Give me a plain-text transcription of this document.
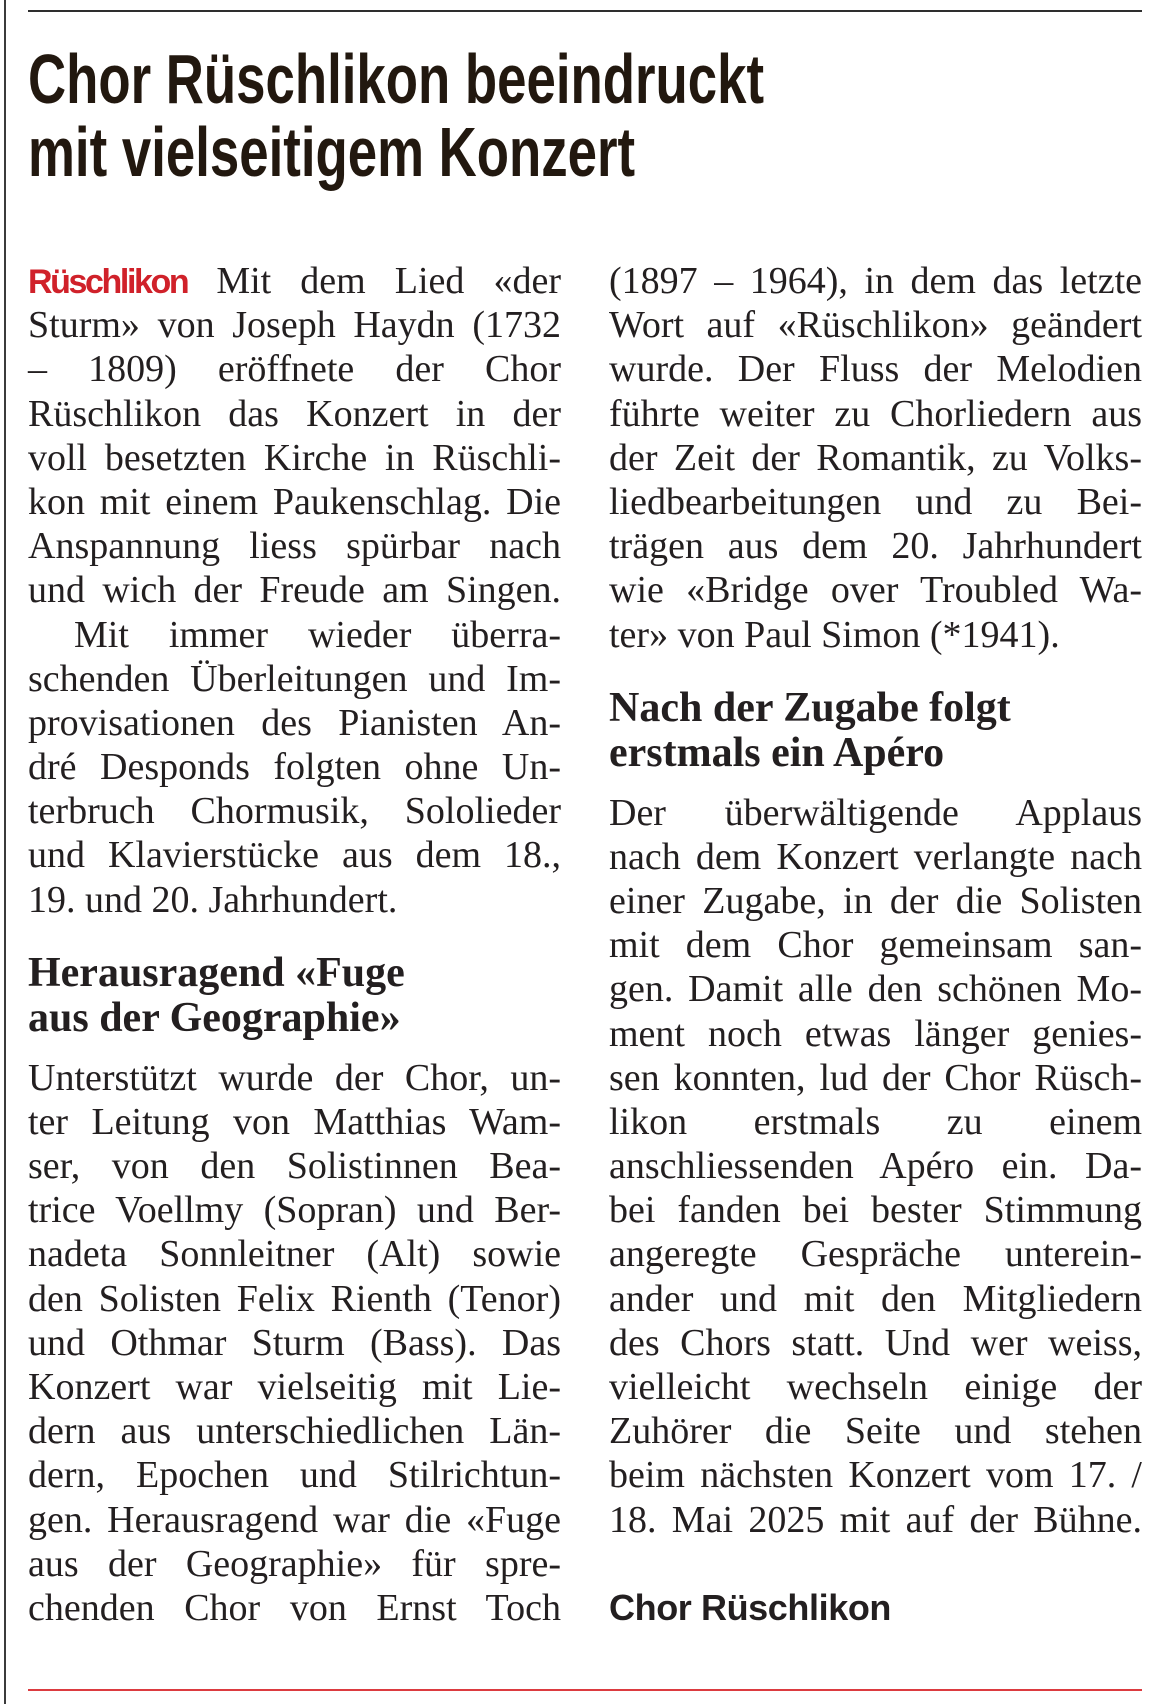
Chor Rüschlikon beeindruckt
mit vielseitigem Konzert
Rüschlikon Mit dem Lied «der
Sturm» von Joseph Haydn (1732
– 1809) eröffnete der Chor
Rüschlikon das Konzert in der
voll besetzten Kirche in Rüschli-
kon mit einem Paukenschlag. Die
Anspannung liess spürbar nach
und wich der Freude am Singen.
Mit immer wieder überra-
schenden Überleitungen und Im-
provisationen des Pianisten An-
dré Desponds folgten ohne Un-
terbruch Chormusik, Sololieder
und Klavierstücke aus dem 18.,
19. und 20. Jahrhundert.
Herausragend «Fuge
aus der Geographie»
Unterstützt wurde der Chor, un-
ter Leitung von Matthias Wam-
ser, von den Solistinnen Bea-
trice Voellmy (Sopran) und Ber-
nadeta Sonnleitner (Alt) sowie
den Solisten Felix Rienth (Tenor)
und Othmar Sturm (Bass). Das
Konzert war vielseitig mit Lie-
dern aus unterschiedlichen Län-
dern, Epochen und Stilrichtun-
gen. Herausragend war die «Fuge
aus der Geographie» für spre-
chenden Chor von Ernst Toch
(1897 – 1964), in dem das letzte
Wort auf «Rüschlikon» geändert
wurde. Der Fluss der Melodien
führte weiter zu Chorliedern aus
der Zeit der Romantik, zu Volks-
liedbearbeitungen und zu Bei-
trägen aus dem 20. Jahrhundert
wie «Bridge over Troubled Wa-
ter» von Paul Simon (*1941).
Nach der Zugabe folgt
erstmals ein Apéro
Der überwältigende Applaus
nach dem Konzert verlangte nach
einer Zugabe, in der die Solisten
mit dem Chor gemeinsam san-
gen. Damit alle den schönen Mo-
ment noch etwas länger genies-
sen konnten, lud der Chor Rüsch-
likon erstmals zu einem
anschliessenden Apéro ein. Da-
bei fanden bei bester Stimmung
angeregte Gespräche unterein-
ander und mit den Mitgliedern
des Chors statt. Und wer weiss,
vielleicht wechseln einige der
Zuhörer die Seite und stehen
beim nächsten Konzert vom 17. /
18. Mai 2025 mit auf der Bühne.
Chor Rüschlikon
